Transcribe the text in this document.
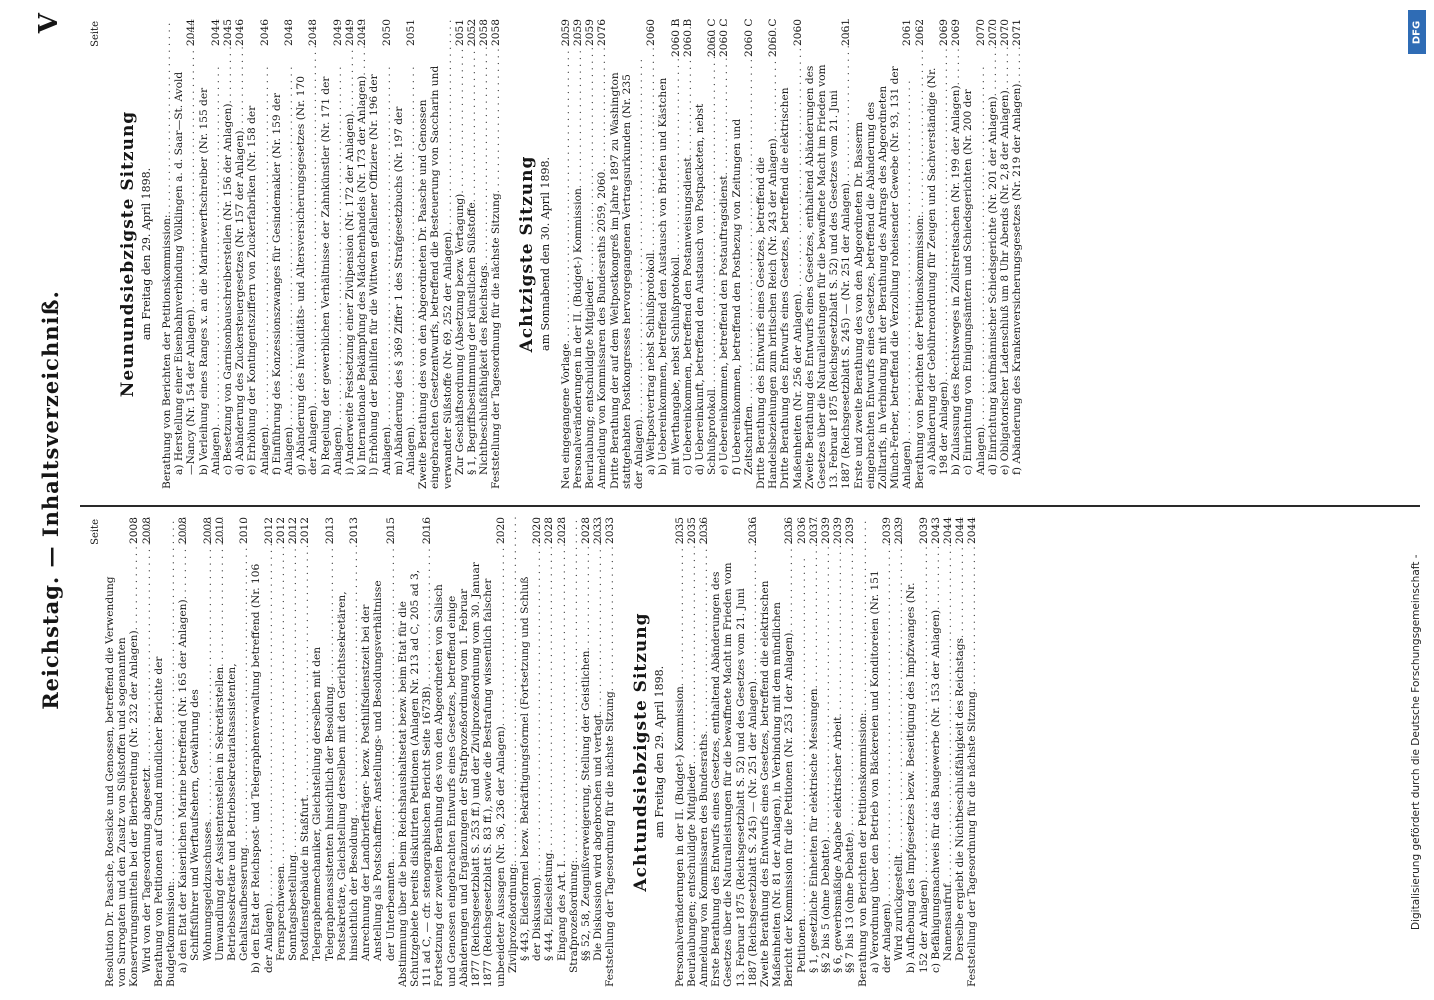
Reichstag. — Inhaltsverzeichniß.
V
Seite
Resolution Dr. Paasche, Roesicke und Genossen, betreffend die Verwendung von Surrogaten und den Zusatz von Süßstoffen und sogenannten Konservirungsmitteln bei der Bierbereitung (Nr. 232 der Anlagen) . . .
2008
Wird von der Tagesordnung abgesetzt . . .
2008
Berathung von Petitionen auf Grund mündlicher Berichte der Budgetkommission: . . . a) den Etat der Kaiserlichen Marine betreffend (Nr. 165 der Anlagen) . . .
2008
Schiffsführer und Werftaufsehern, Gewährung des Wohnungsgeldzuschusses . . .
2008
Umwandlung der Assistentenstellen in Sekretärstellen . . .
2010
Betriebssekretäre und Betriebssekretariatsassistenten, Gehaltsaufbesserung . . .
2010
b) den Etat der Reichspost- und Telegraphenverwaltung betreffend (Nr. 106 der Anlagen) . . .
2012
Fernsprechwesen . . .
2012
Sonntagsbestellung . . .
2012
Postdienstgebäude in Staßfurt . . .
2012
Telegraphenmechaniker, Gleichstellung derselben mit den Telegraphenassistenten hinsichtlich der Besoldung . . .
2013
Postsekretäre, Gleichstellung derselben mit den Gerichtssekretären, hinsichtlich der Besoldung . . .
2013
Anrechnung der Landbriefträger- bezw. Posthilfsdienstzeit bei der Anstellung als Postschaffner: Anstellungs- und Besoldungsverhältnisse der Unterbeamten . . .
2015
Abstimmung über die beim Reichshaushaltsetat bezw. beim Etat für die Schutzgebiete bereits diskutirten Petitionen (Anlagen Nr. 213 ad C, 205 ad 3, 111 ad C, — cfr. stenographischen Bericht Seite 1673B) . . .
2016
Fortsetzung der zweiten Berathung des von den Abgeordneten von Salisch und Genossen eingebrachten Entwurfs eines Gesetzes, betreffend einige Abänderungen und Ergänzungen der Strafprozeßordnung vom 1. Februar 1877 (Reichsgesetzblatt S. 253 ff.) und der Zivilprozeßordnung vom 30. Januar 1877 (Reichsgesetzblatt S. 83 ff.), sowie die Bestrafung wissentlich falscher unbeeideter Aussagen (Nr. 36, 236 der Anlagen) . . .
2020
Zivilprozeßordnung: . . . § 443, Eidesformel bezw. Bekräftigungsformel (Fortsetzung und Schluß der Diskussion) . . .
2020
§ 444, Eidesleistung . . .
2028
Eingang des Art. I . . .
2028
Strafprozeßordnung: . . . §§ 52, 58, Zeugnißverweigerung, Stellung der Geistlichen . . .
2028
Die Diskussion wird abgebrochen und vertagt . . .
2033
Feststellung der Tagesordnung für die nächste Sitzung . . .
2033
Achtundsiebzigste Sitzung am Freitag den 29. April 1898. Personalveränderungen in der II. (Budget-) Kommission . . .
2035
Beurlaubungen; entschuldigte Mitglieder . . .
2035
Anmeldung von Kommissaren des Bundesraths . . .
2036
Erste Berathung des Entwurfs eines Gesetzes, enthaltend Abänderungen des Gesetzes über die Naturalleistungen für die bewaffnete Macht im Frieden vom 13. Februar 1875 (Reichsgesetzblatt S. 52) und des Gesetzes vom 21. Juni 1887 (Reichsgesetzblatt S. 245) — (Nr. 251 der Anlagen) . . .
2036
Zweite Berathung des Entwurfs eines Gesetzes, betreffend die elektrischen Maßeinheiten (Nr. 81 der Anlagen), in Verbindung mit dem mündlichen Bericht der Kommission für die Petitionen (Nr. 253 I der Anlagen) . . .
2036
Petitionen . . .
2036
§ 1, gesetzliche Einheiten für elektrische Messungen . . .
2037
§§ 2 bis 5 (ohne Debatte) . . .
2039
§ 6, gewerbsmäßige Abgabe elektrischer Arbeit . . .
2039
§§ 7 bis 13 (ohne Debatte) . . .
2039
Berathung von Berichten der Petitionskommission: . . . a) Verordnung über den Betrieb von Bäckereien und Konditoreien (Nr. 151 der Anlagen) . . .
2039
Wird zurückgestellt . . .
2039
b) Aufhebung des Impfgesetzes bezw. Beseitigung des Impfzwanges (Nr. 152 der Anlagen) . . .
2039
c) Befähigungsnachweis für das Baugewerbe (Nr. 153 der Anlagen) . . .
2043
Namensaufruf . . .
2044
Derselbe ergiebt die Nichtbeschlußfähigkeit des Reichstags . . .
2044
Feststellung der Tagesordnung für die nächste Sitzung . . .
2044
Seite
Neunundsiebzigste Sitzung am Freitag den 29. April 1898. Berathung von Berichten der Petitionskommission: . . . a) Herstellung einer Eisenbahnverbindung Völklingen a. d. Saar—St. Avold—Nancy (Nr. 154 der Anlagen) . . .
2044
b) Verleihung eines Ranges x. an die Marinewerftschreiber (Nr. 155 der Anlagen) . . .
2044
c) Besetzung von Garnisonbauschreiberstellen (Nr. 156 der Anlagen) . . .
2045
d) Abänderung des Zuckersteuergesetzes (Nr. 157 der Anlagen) . . .
2046
e) Erhöhung der Kontingentsziffern von Zuckerfabriken (Nr. 158 der Anlagen) . . .
2046
f) Einführung des Konzessionszwanges für Gesindemakler (Nr. 159 der Anlagen) . . .
2048
g) Abänderung des Invaliditäts- und Altersversicherungsgesetzes (Nr. 170 der Anlagen) . . .
2048
h) Regelung der gewerblichen Verhältnisse der Zahnkünstler (Nr. 171 der Anlagen) . . .
2049
i) Anderweite Festsetzung einer Zivilpension (Nr. 172 der Anlagen) . . .
2049
k) Internationale Bekämpfung des Mädchenhandels (Nr. 173 der Anlagen) . . .
2049
l) Erhöhung der Beihilfen für die Wittwen gefallener Offiziere (Nr. 196 der Anlagen) . . .
2050
m) Abänderung des § 369 Ziffer 1 des Strafgesetzbuchs (Nr. 197 der Anlagen) . . .
2051
Zweite Berathung des von den Abgeordneten Dr. Paasche und Genossen eingebrachten Gesetzentwurfs, betreffend die Besteuerung von Saccharin und verwandter Süßstoffe (Nr. 69, 252 der Anlagen) . . . Zur Geschäftsordnung (Absetzung bezw. Vertagung) . . .
2051
§ 1, Begriffsbestimmung der künstlichen Süßstoffe . . .
2052
Nichtbeschlußfähigkeit des Reichstags . . .
2058
Feststellung der Tagesordnung für die nächste Sitzung . . .
2058
Achtzigste Sitzung am Sonnabend den 30. April 1898.
Neu eingegangene Vorlage . . .
2059
Personalveränderungen in der II. (Budget-) Kommission . . .
2059
Beurlaubung; entschuldigte Mitglieder . . .
2059
Anmeldung von Kommissaren des Bundesraths 2059, 2060 . . .
2076
Dritte Berathung der auf dem Weltpostkongreß im Jahre 1897 zu Washington stattgehabten Postkongresses hervorgegangenen Vertragsurkunden (Nr. 235 der Anlagen) . . . a) Weltpostvertrag nebst Schlußprotokoll . . .
2060
b) Uebereinkommen, betreffend den Austausch von Briefen und Kästchen mit Werthangabe, nebst Schlußprotokoll . . .
2060 B
c) Uebereinkommen, betreffend den Postanweisungsdienst . . .
2060 B
d) Uebereinkunft, betreffend den Austausch von Postpacketen, nebst Schlußprotokoll . . .
2060 C
e) Uebereinkommen, betreffend den Postauftragsdienst . . .
2060 C
f) Uebereinkommen, betreffend den Postbezug von Zeitungen und Zeitschriften . . .
2060 C
Dritte Berathung des Entwurfs eines Gesetzes, betreffend die Handelsbeziehungen zum britischen Reich (Nr. 243 der Anlagen) . . .
2060 C
Dritte Berathung des Entwurfs eines Gesetzes, betreffend die elektrischen Maßeinheiten (Nr. 256 der Anlagen) . . .
2060
Zweite Berathung des Entwurfs eines Gesetzes, enthaltend Abänderungen des Gesetzes über die Naturalleistungen für die bewaffnete Macht im Frieden vom 13. Februar 1875 (Reichsgesetzblatt S. 52) und des Gesetzes vom 21. Juni 1887 (Reichsgesetzblatt S. 245) — (Nr. 251 der Anlagen) . . .
2061
Erste und zweite Berathung des von den Abgeordneten Dr. Basserm eingebrachten Entwurfs eines Gesetzes, betreffend die Abänderung des Zolltarifs, in Verbindung mit der Berathung des Antrags des Abgeordneten Münch-Ferber, betreffend die Verzollung roheisender Gewebe (Nr. 93, 131 der Anlagen) . . .
2061
Berathung von Berichten der Petitionskommission: . . .
2062
a) Abänderung der Gebührenordnung für Zeugen und Sachverständige (Nr. 198 der Anlagen) . . .
2069
b) Zulassung des Rechtsweges in Zollstreitsachen (Nr. 199 der Anlagen) . . .
2069
c) Einrichtung von Einigungsämtern und Schiedsgerichten (Nr. 200 der Anlagen) . . .
2070
d) Einrichtung kaufmännischer Schiedsgerichte (Nr. 201 der Anlagen) . . .
2070
e) Obligatorischer Ladenschluß um 8 Uhr Abends (Nr. 2,8 der Anlagen) . . .
2070
f) Abänderung des Krankenversicherungsgesetzes (Nr. 219 der Anlagen) . . .
2071	DFG
Digitalisierung gefördert durch die Deutsche Forschungsgemeinschaft -
